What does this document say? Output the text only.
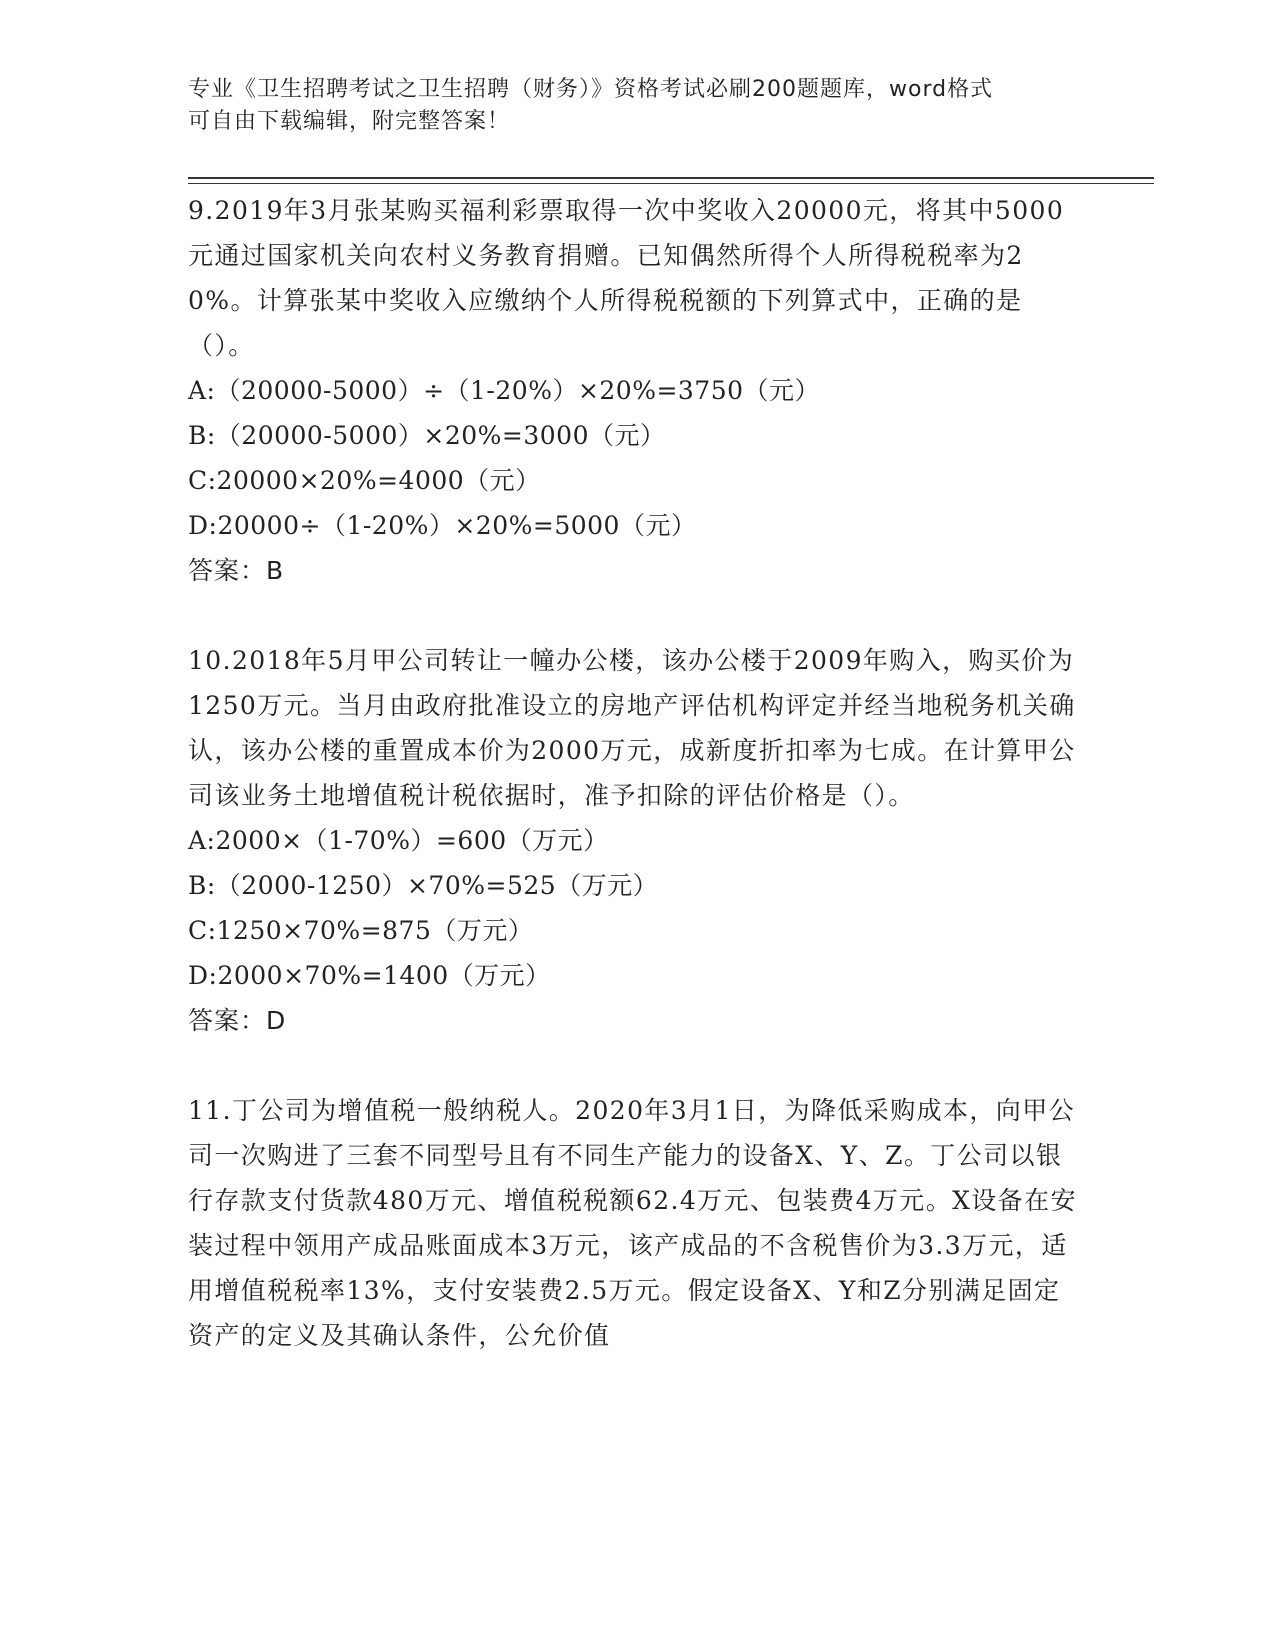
专业《卫生招聘考试之卫生招聘（财务）》资格考试必刷200题题库，word格式
可自由下载编辑，附完整答案！

9.2019年3月张某购买福利彩票取得一次中奖收入20000元，将其中5000元通过国家机关向农村义务教育捐赠。已知偶然所得个人所得税税率为20%。计算张某中奖收入应缴纳个人所得税税额的下列算式中，正确的是（）。

A:（20000-5000）÷（1-20%）×20%=3750（元）

B:（20000-5000）×20%=3000（元）

C:20000×20%=4000（元）

D:20000÷（1-20%）×20%=5000（元）

答案：B

10.2018年5月甲公司转让一幢办公楼，该办公楼于2009年购入，购买价为1250万元。当月由政府批准设立的房地产评估机构评定并经当地税务机关确认，该办公楼的重置成本价为2000万元，成新度折扣率为七成。在计算甲公司该业务土地增值税计税依据时，准予扣除的评估价格是（）。

A:2000×（1-70%）=600（万元）

B:（2000-1250）×70%=525（万元）

C:1250×70%=875（万元）

D:2000×70%=1400（万元）

答案：D

11.丁公司为增值税一般纳税人。2020年3月1日，为降低采购成本，向甲公司一次购进了三套不同型号且有不同生产能力的设备X、Y、Z。丁公司以银行存款支付货款480万元、增值税税额62.4万元、包装费4万元。X设备在安装过程中领用产成品账面成本3万元，该产成品的不含税售价为3.3万元，适用增值税税率13%，支付安装费2.5万元。假定设备X、Y和Z分别满足固定资产的定义及其确认条件，公允价值
